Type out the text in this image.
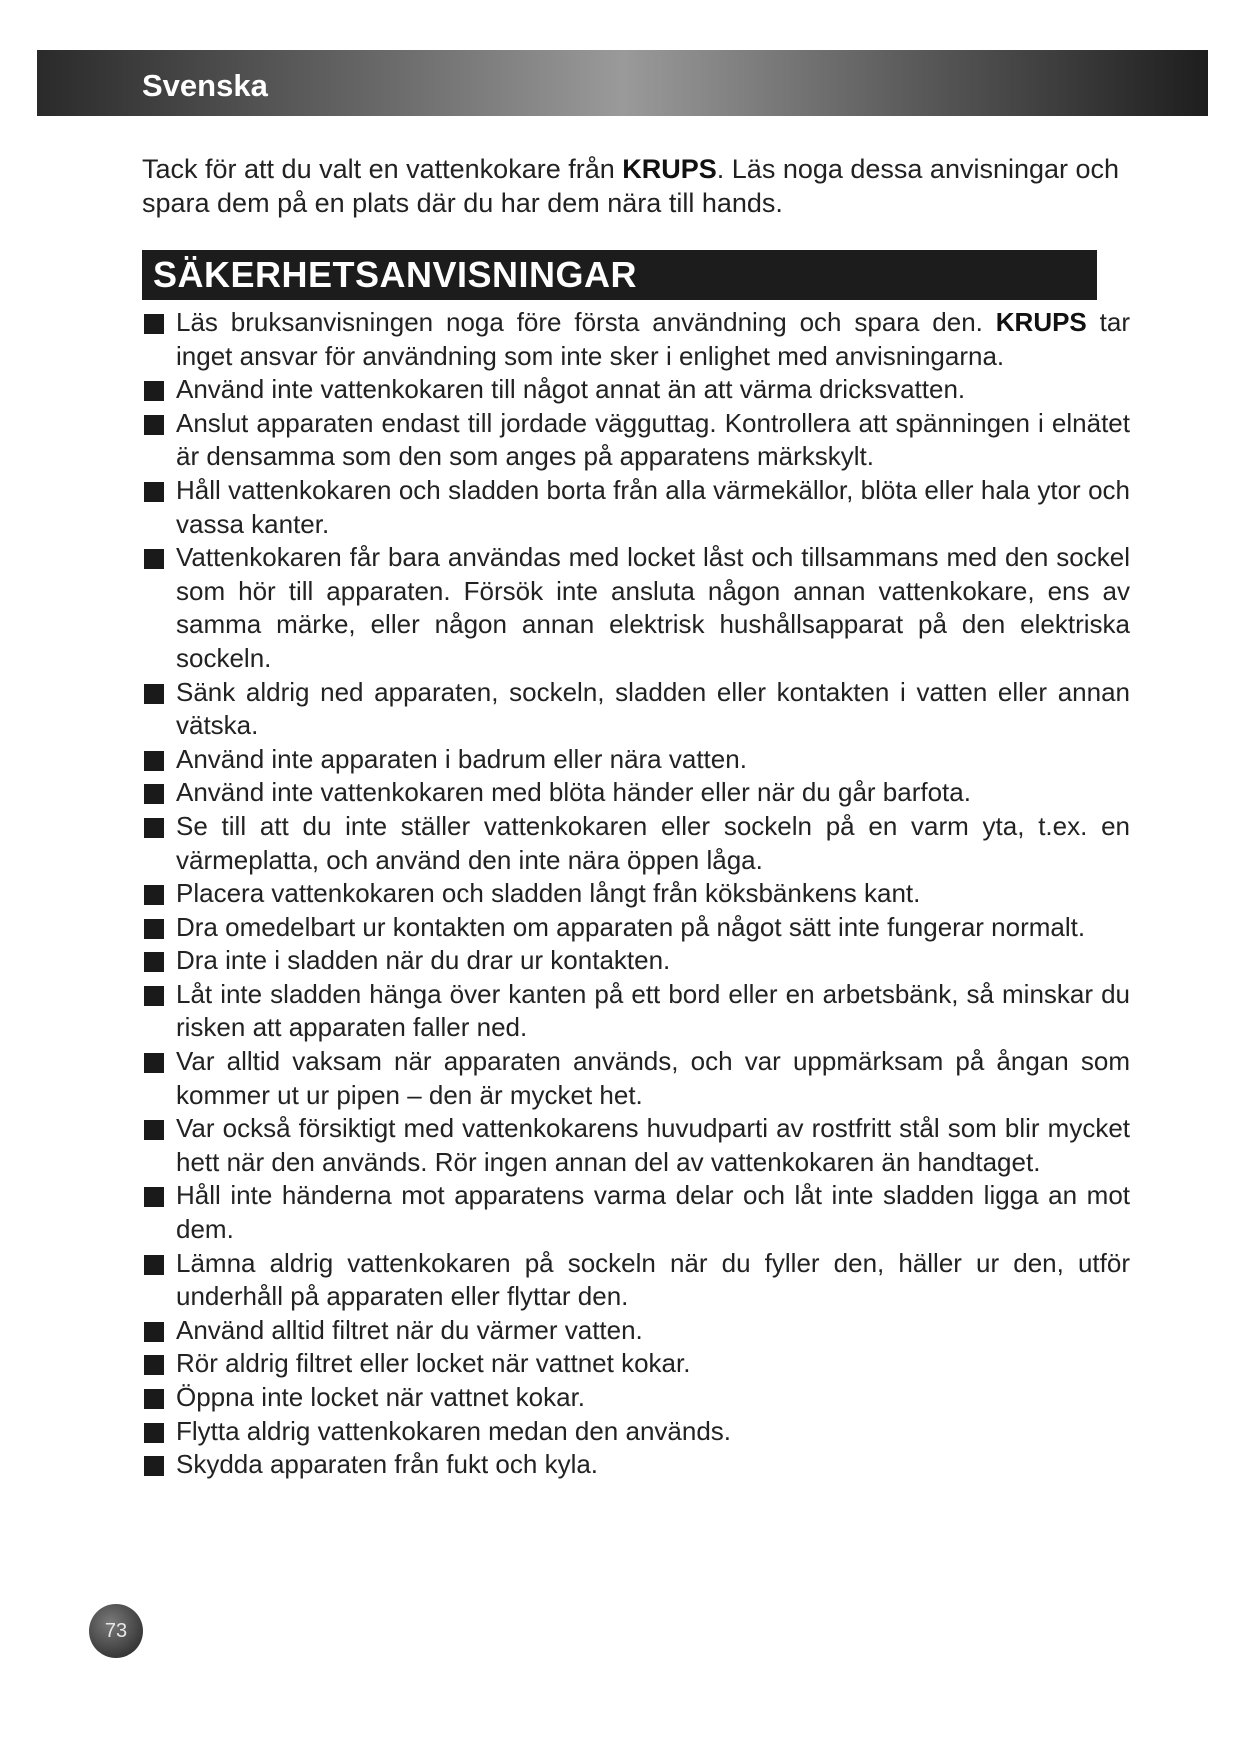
Svenska

Tack för att du valt en vattenkokare från KRUPS. Läs noga dessa anvisningar och spara dem på en plats där du har dem nära till hands.

SÄKERHETSANVISNINGAR
Läs bruksanvisningen noga före första användning och spara den. KRUPS tar inget ansvar för användning som inte sker i enlighet med anvisningarna.
Använd inte vattenkokaren till något annat än att värma dricksvatten.
Anslut apparaten endast till jordade vägguttag. Kontrollera att spänningen i elnätet är densamma som den som anges på apparatens märkskylt.
Håll vattenkokaren och sladden borta från alla värmekällor, blöta eller hala ytor och vassa kanter.
Vattenkokaren får bara användas med locket låst och tillsammans med den sockel som hör till apparaten. Försök inte ansluta någon annan vattenkokare, ens av samma märke, eller någon annan elektrisk hushållsapparat på den elektriska sockeln.
Sänk aldrig ned apparaten, sockeln, sladden eller kontakten i vatten eller annan vätska.
Använd inte apparaten i badrum eller nära vatten.
Använd inte vattenkokaren med blöta händer eller när du går barfota.
Se till att du inte ställer vattenkokaren eller sockeln på en varm yta, t.ex. en värmeplatta, och använd den inte nära öppen låga.
Placera vattenkokaren och sladden långt från köksbänkens kant.
Dra omedelbart ur kontakten om apparaten på något sätt inte fungerar normalt.
Dra inte i sladden när du drar ur kontakten.
Låt inte sladden hänga över kanten på ett bord eller en arbetsbänk, så minskar du risken att apparaten faller ned.
Var alltid vaksam när apparaten används, och var uppmärksam på ångan som kommer ut ur pipen – den är mycket het.
Var också försiktigt med vattenkokarens huvudparti av rostfritt stål som blir mycket hett när den används. Rör ingen annan del av vattenkokaren än handtaget.
Håll inte händerna mot apparatens varma delar och låt inte sladden ligga an mot dem.
Lämna aldrig vattenkokaren på sockeln när du fyller den, häller ur den, utför underhåll på apparaten eller flyttar den.
Använd alltid filtret när du värmer vatten.
Rör aldrig filtret eller locket när vattnet kokar.
Öppna inte locket när vattnet kokar.
Flytta aldrig vattenkokaren medan den används.
Skydda apparaten från fukt och kyla.
73
